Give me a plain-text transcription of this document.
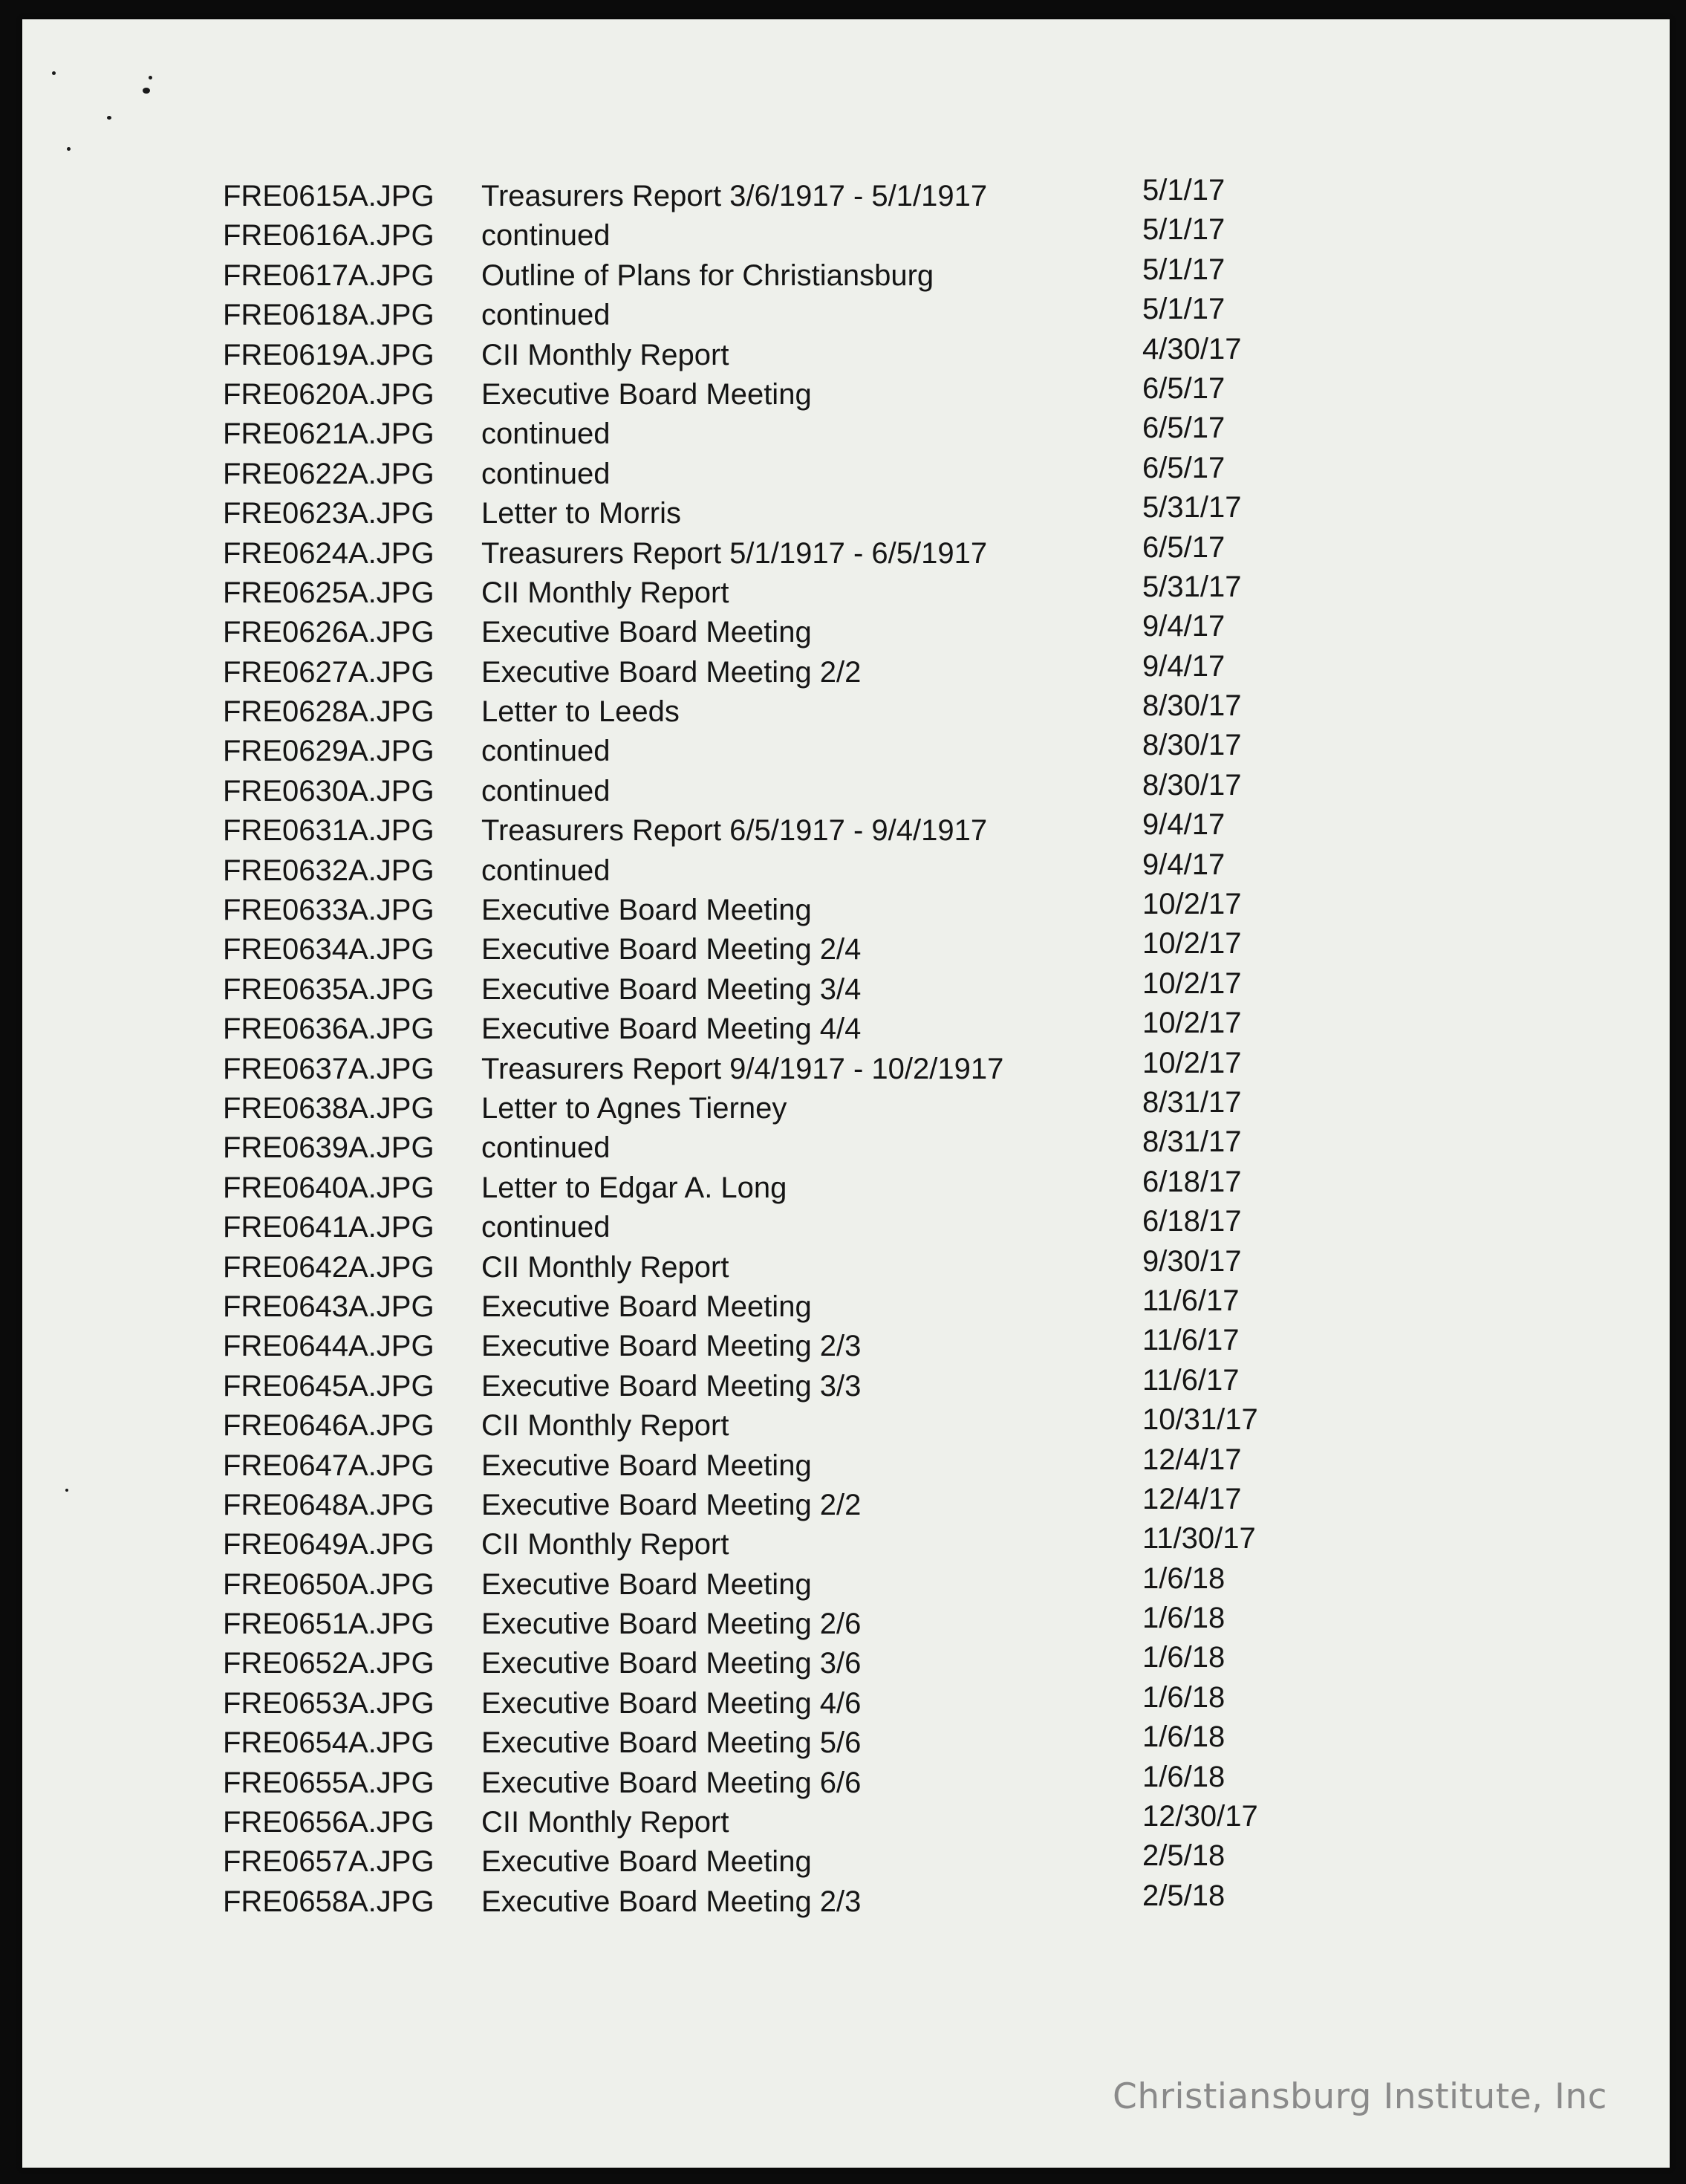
FRE0615A.JPG Treasurers Report 3/6/1917 - 5/1/1917	5/1/17
FRE0616A.JPG continued	5/1/17
FRE0617A.JPG Outline of Plans for Christiansburg	5/1/17
FRE0618A.JPG continued	5/1/17
FRE0619A.JPG CII Monthly Report	4/30/17
FRE0620A.JPG Executive Board Meeting	6/5/17
FRE0621A.JPG continued	6/5/17
FRE0622A.JPG continued	6/5/17
FRE0623A.JPG Letter to Morris	5/31/17
FRE0624A.JPG Treasurers Report 5/1/1917 - 6/5/1917	6/5/17
FRE0625A.JPG CII Monthly Report	5/31/17
FRE0626A.JPG Executive Board Meeting	9/4/17
FRE0627A.JPG Executive Board Meeting 2/2	9/4/17
FRE0628A.JPG Letter to Leeds	8/30/17
FRE0629A.JPG continued	8/30/17
FRE0630A.JPG continued	8/30/17
FRE0631A.JPG Treasurers Report 6/5/1917 - 9/4/1917	9/4/17
FRE0632A.JPG continued	9/4/17
FRE0633A.JPG Executive Board Meeting	10/2/17
FRE0634A.JPG Executive Board Meeting 2/4	10/2/17
FRE0635A.JPG Executive Board Meeting 3/4	10/2/17
FRE0636A.JPG Executive Board Meeting 4/4	10/2/17
FRE0637A.JPG Treasurers Report 9/4/1917 - 10/2/1917	10/2/17
FRE0638A.JPG Letter to Agnes Tierney	8/31/17
FRE0639A.JPG continued	8/31/17
FRE0640A.JPG Letter to Edgar A. Long	6/18/17
FRE0641A.JPG continued	6/18/17
FRE0642A.JPG CII Monthly Report	9/30/17
FRE0643A.JPG Executive Board Meeting	11/6/17
FRE0644A.JPG Executive Board Meeting 2/3	11/6/17
FRE0645A.JPG Executive Board Meeting 3/3	11/6/17
FRE0646A.JPG CII Monthly Report	10/31/17
FRE0647A.JPG Executive Board Meeting	12/4/17
FRE0648A.JPG Executive Board Meeting 2/2	12/4/17
FRE0649A.JPG CII Monthly Report	11/30/17
FRE0650A.JPG Executive Board Meeting	1/6/18
FRE0651A.JPG Executive Board Meeting 2/6	1/6/18
FRE0652A.JPG Executive Board Meeting 3/6	1/6/18
FRE0653A.JPG Executive Board Meeting 4/6	1/6/18
FRE0654A.JPG Executive Board Meeting 5/6	1/6/18
FRE0655A.JPG Executive Board Meeting 6/6	1/6/18
FRE0656A.JPG CII Monthly Report	12/30/17
FRE0657A.JPG Executive Board Meeting	2/5/18
FRE0658A.JPG Executive Board Meeting 2/3	2/5/18
Christiansburg Institute, Inc
